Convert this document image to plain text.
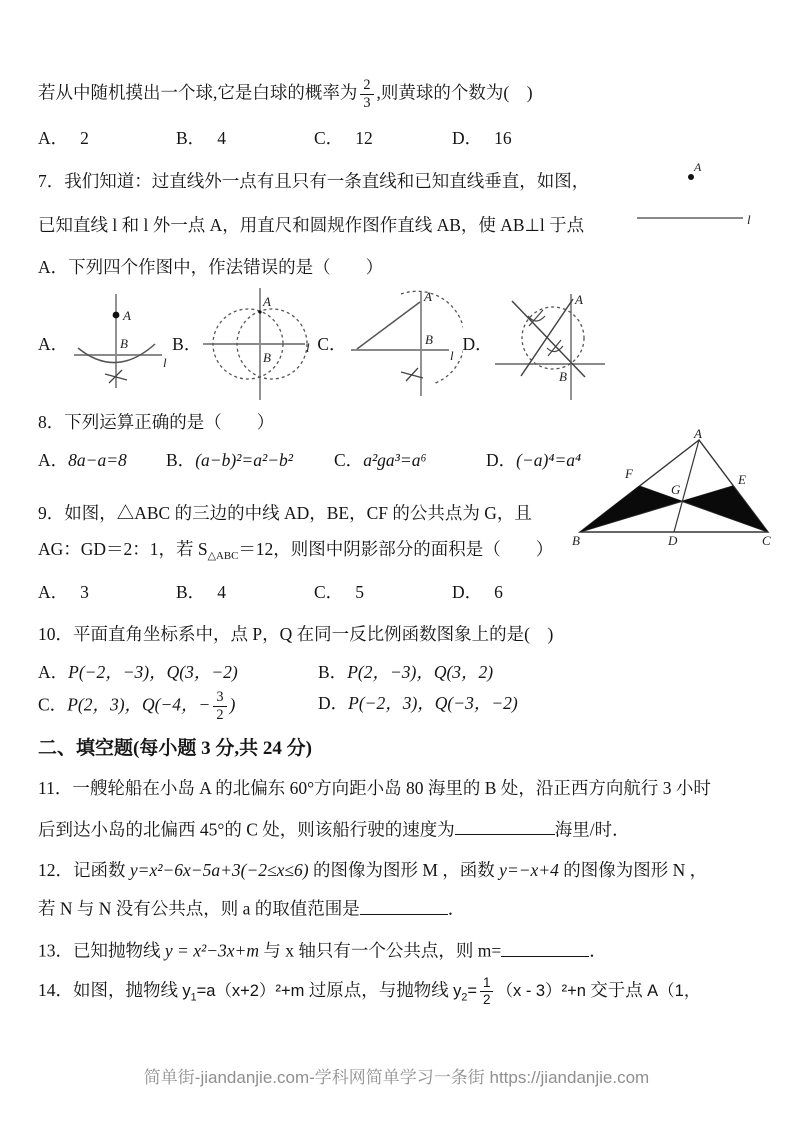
若从中随机摸出一个球,它是白球的概率为 $\frac{2}{3}$ ,则黄球的个数为(　)
A． 2	B． 4	C． 12	D． 16
7．我们知道：过直线外一点有且只有一条直线和已知直线垂直，如图，
已知直线 l 和 l 外一点 A，用直尺和圆规作图作直线 AB，使 AB⊥l 于点
A．下列四个作图中，作法错误的是（　　）
A
l
A．
A
B
l
B．	l
A
B
C．
l
A
B D．
A
B
8．下列运算正确的是（　　）
A．8a−a=8	B．(a−b)²=a²−b²	C．a²ga³=a⁶	D．(−a)⁴=a⁴
9．如图，△ABC 的三边的中线 AD，BE，CF 的公共点为 G，且
AG：GD＝2：1，若 $S_{\triangle ABC}=12$，则图中阴影部分的面积是（　　）
A． 3	B． 4	C． 5	D． 6
A
B	C
D
E
F
G
10．平面直角坐标系中，点 P，Q 在同一反比例函数图象上的是(　)
A．P(−2，−3)，Q(3，−2)	B．P(2，−3)，Q(3，2)
C．P(2，3)，Q(−4，− $\frac{3}{2}$ )	D．P(−2，3)，Q(−3，−2)
二、填空题(每小题 3 分,共 24 分)
11．一艘轮船在小岛 A 的北偏东 60°方向距小岛 80 海里的 B 处，沿正西方向航行 3 小时
后到达小岛的北偏西 45°的 C 处，则该船行驶的速度为	海里/时．
12．记函数 y=x²−6x−5a+3(−2≤x≤6) 的图像为图形 M ，函数 y=−x+4 的图像为图形 N ，
若 N 与 N 没有公共点，则 a 的取值范围是	．
13．已知抛物线 y = x²−3x+m 与 x 轴只有一个公共点，则 m=	．
14．如图，抛物线 $y_1=a(x+2)^2+m$ 过原点，与抛物线 $y_2= \frac{1}{2} (x - 3)^2+n$ 交于点 A（1，
简单街-jiandanjie.com-学科网简单学习一条街 https://jiandanjie.com
